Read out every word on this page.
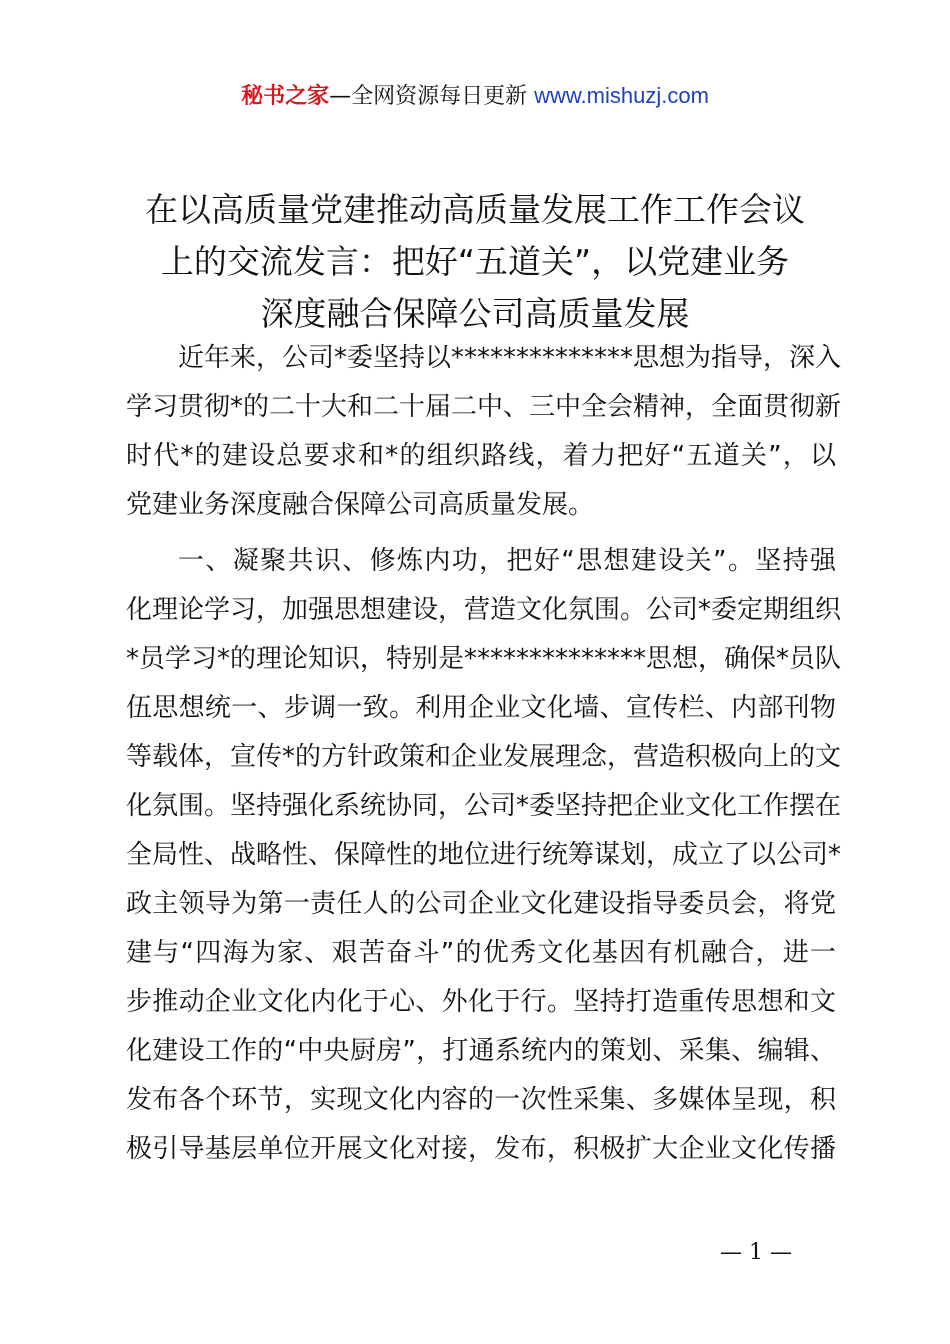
秘书之家—全网资源每日更新 www.mishuzj.com
在以高质量党建推动高质量发展工作工作会议
上的交流发言：把好“五道关”，以党建业务
深度融合保障公司高质量发展
近年来，公司*委坚持以**************思想为指导，深入
学习贯彻*的二十大和二十届二中、三中全会精神，全面贯彻新
时代*的建设总要求和*的组织路线，着力把好“五道关”，以
党建业务深度融合保障公司高质量发展。
一、凝聚共识、修炼内功，把好“思想建设关”。坚持强
化理论学习，加强思想建设，营造文化氛围。公司*委定期组织
*员学习*的理论知识，特别是**************思想，确保*员队
伍思想统一、步调一致。利用企业文化墙、宣传栏、内部刊物
等载体，宣传*的方针政策和企业发展理念，营造积极向上的文
化氛围。坚持强化系统协同，公司*委坚持把企业文化工作摆在
全局性、战略性、保障性的地位进行统筹谋划，成立了以公司*
政主领导为第一责任人的公司企业文化建设指导委员会，将党
建与“四海为家、艰苦奋斗”的优秀文化基因有机融合，进一
步推动企业文化内化于心、外化于行。坚持打造重传思想和文
化建设工作的“中央厨房”，打通系统内的策划、采集、编辑、
发布各个环节，实现文化内容的一次性采集、多媒体呈现，积
极引导基层单位开展文化对接，发布，积极扩大企业文化传播
— 1 —
